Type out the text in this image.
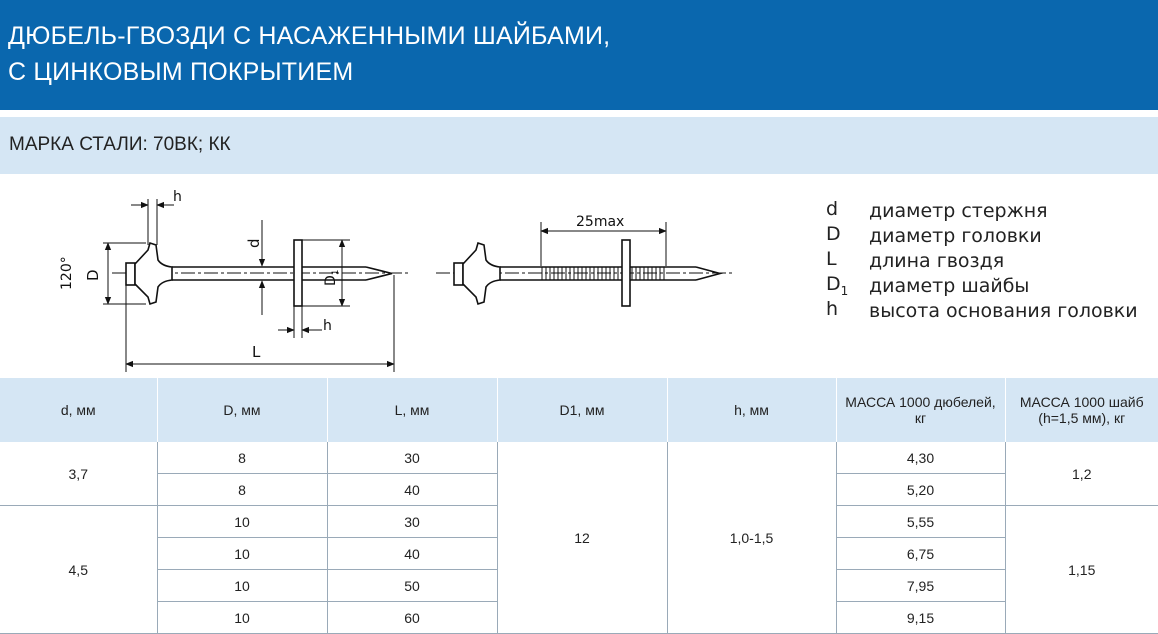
ДЮБЕЛЬ-ГВОЗДИ С НАСАЖЕННЫМИ ШАЙБАМИ,
С ЦИНКОВЫМ ПОКРЫТИЕМ
МАРКА СТАЛИ: 70ВК; КК
h
d
D
120°	$D_1$
h
L
25max
d	диаметр стержня
D	диаметр головки
L	длина гвоздя
$D_1$	диаметр шайбы
h	высота основания головки
d, мм	D, мм	L, мм	D1, мм	h, мм	МАССА 1000 дюбелей, кг	МАССА 1000 шайб (h=1,5 мм), кг
3,7	8	30	12	1,0-1,5	4,30	1,2
	8	40			5,20	
4,5	10	30			5,55	1,15
	10	40			6,75	
	10	50			7,95	
	10	60			9,15	
